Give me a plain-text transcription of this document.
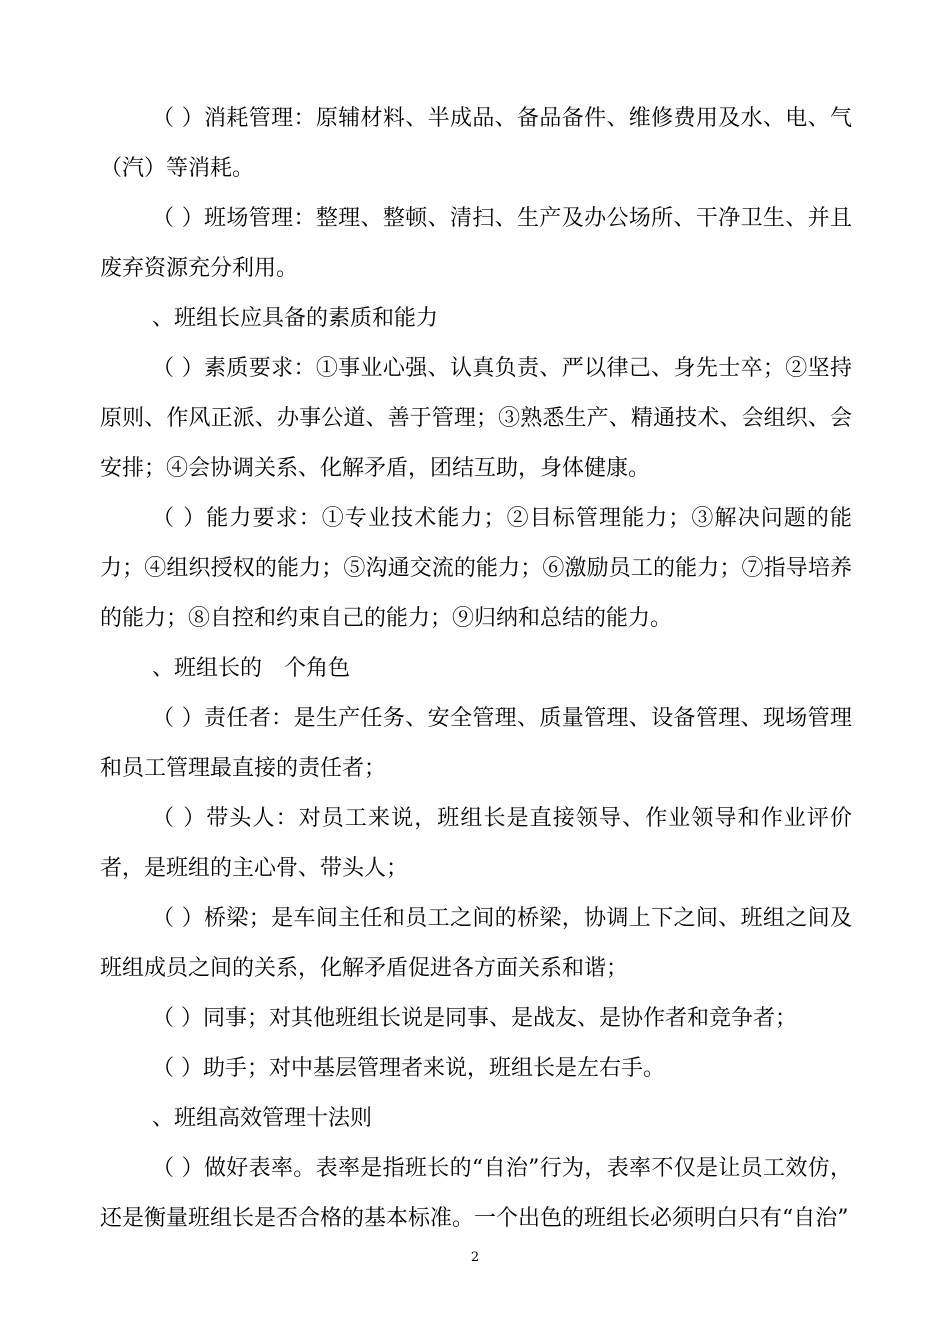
（ ）消耗管理：原辅材料、半成品、备品备件、维修费用及水、电、气（汽）等消耗。

（ ）班场管理：整理、整顿、清扫、生产及办公场所、干净卫生、并且废弃资源充分利用。

、班组长应具备的素质和能力

（ ）素质要求：①事业心强、认真负责、严以律己、身先士卒；②坚持原则、作风正派、办事公道、善于管理；③熟悉生产、精通技术、会组织、会安排；④会协调关系、化解矛盾，团结互助，身体健康。

（ ）能力要求：①专业技术能力；②目标管理能力；③解决问题的能力；④组织授权的能力；⑤沟通交流的能力；⑥激励员工的能力；⑦指导培养的能力；⑧自控和约束自己的能力；⑨归纳和总结的能力。

、班组长的　个角色

（ ）责任者：是生产任务、安全管理、质量管理、设备管理、现场管理和员工管理最直接的责任者；

（ ）带头人：对员工来说，班组长是直接领导、作业领导和作业评价者，是班组的主心骨、带头人；

（ ）桥梁；是车间主任和员工之间的桥梁，协调上下之间、班组之间及班组成员之间的关系，化解矛盾促进各方面关系和谐；

（ ）同事；对其他班组长说是同事、是战友、是协作者和竞争者；

（ ）助手；对中基层管理者来说，班组长是左右手。

、班组高效管理十法则

（ ）做好表率。表率是指班长的“自治”行为，表率不仅是让员工效仿，还是衡量班组长是否合格的基本标准。一个出色的班组长必须明白只有“自治”

2
